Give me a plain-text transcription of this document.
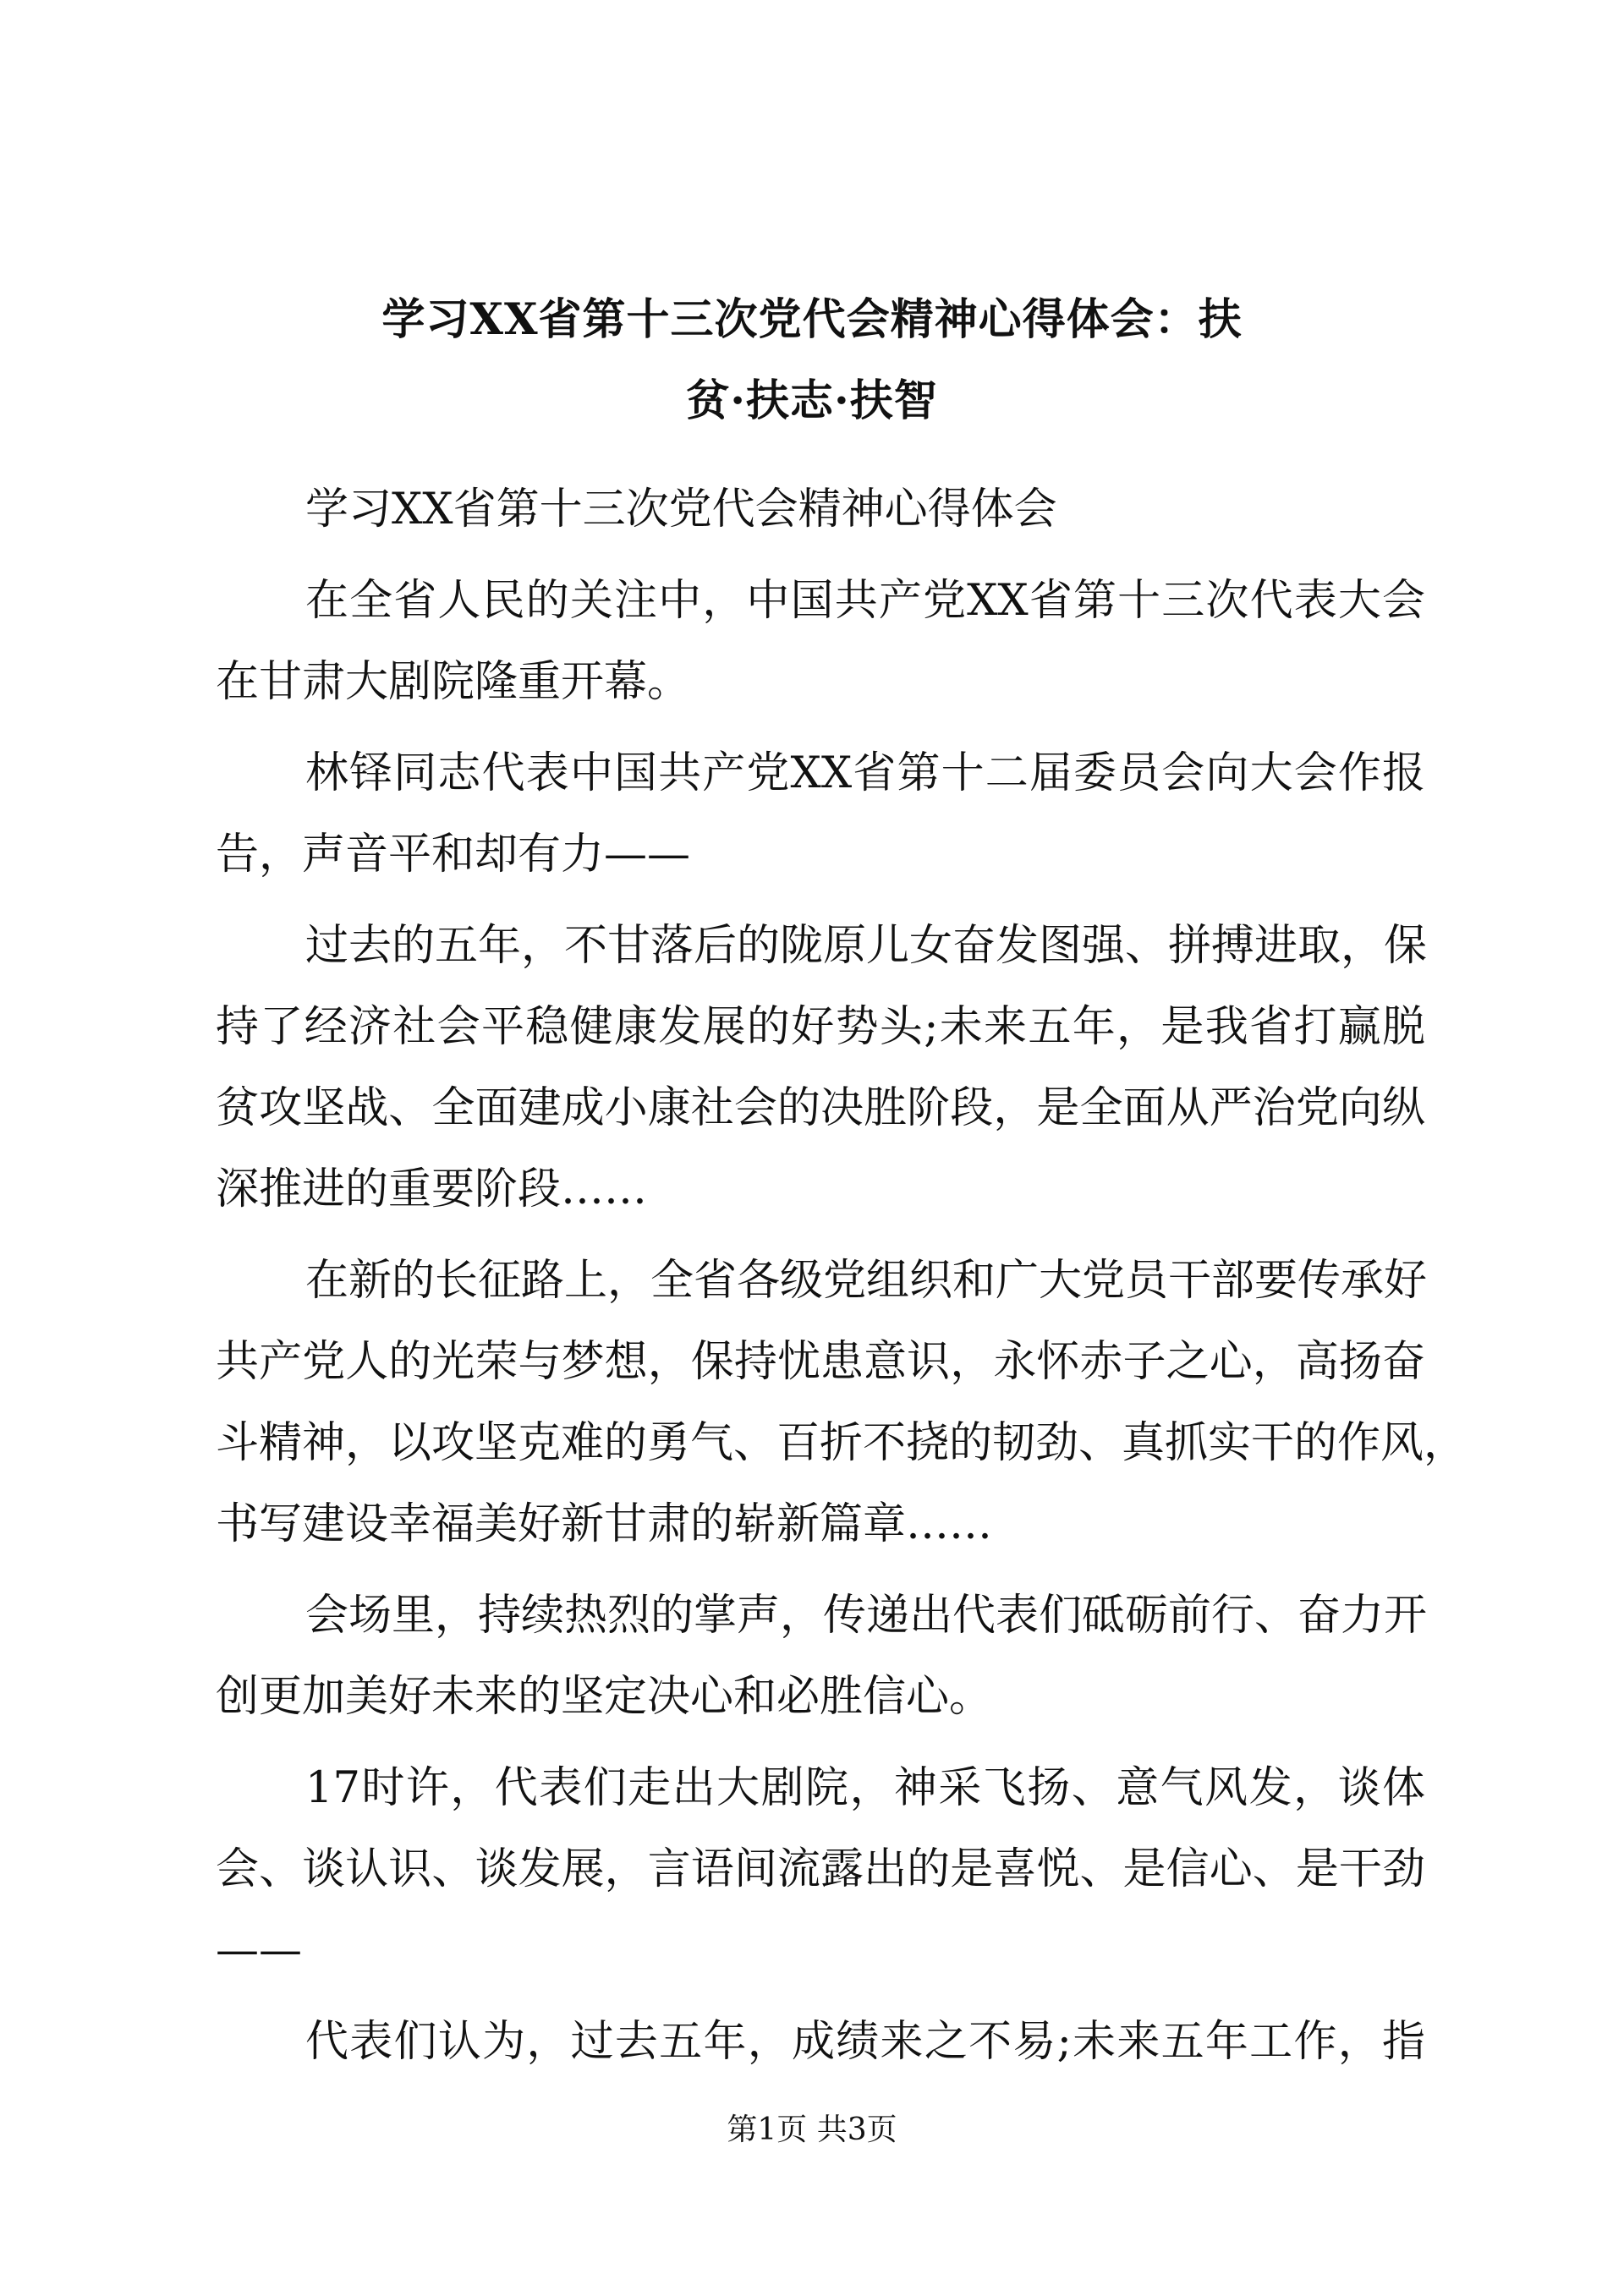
学习XX省第十三次党代会精神心得体会：扶
贫·扶志·扶智
学习XX省第十三次党代会精神心得体会
在全省人民的关注中，中国共产党XX省第十三次代表大会
在甘肃大剧院隆重开幕。
林铎同志代表中国共产党XX省第十二届委员会向大会作报
告，声音平和却有力——
过去的五年，不甘落后的陇原儿女奋发图强、拼搏进取，保
持了经济社会平稳健康发展的好势头;未来五年，是我省打赢脱
贫攻坚战、全面建成小康社会的决胜阶段，是全面从严治党向纵
深推进的重要阶段……
在新的长征路上，全省各级党组织和广大党员干部要传承好
共产党人的光荣与梦想，保持忧患意识，永怀赤子之心，高扬奋
斗精神，以攻坚克难的勇气、百折不挠的韧劲、真抓实干的作风，
书写建设幸福美好新甘肃的崭新篇章……
会场里，持续热烈的掌声，传递出代表们砥砺前行、奋力开
创更加美好未来的坚定决心和必胜信心。
17时许，代表们走出大剧院，神采飞扬、意气风发，谈体
会、谈认识、谈发展，言语间流露出的是喜悦、是信心、是干劲
——
代表们认为，过去五年，成绩来之不易;未来五年工作，指
第1页 共3页
